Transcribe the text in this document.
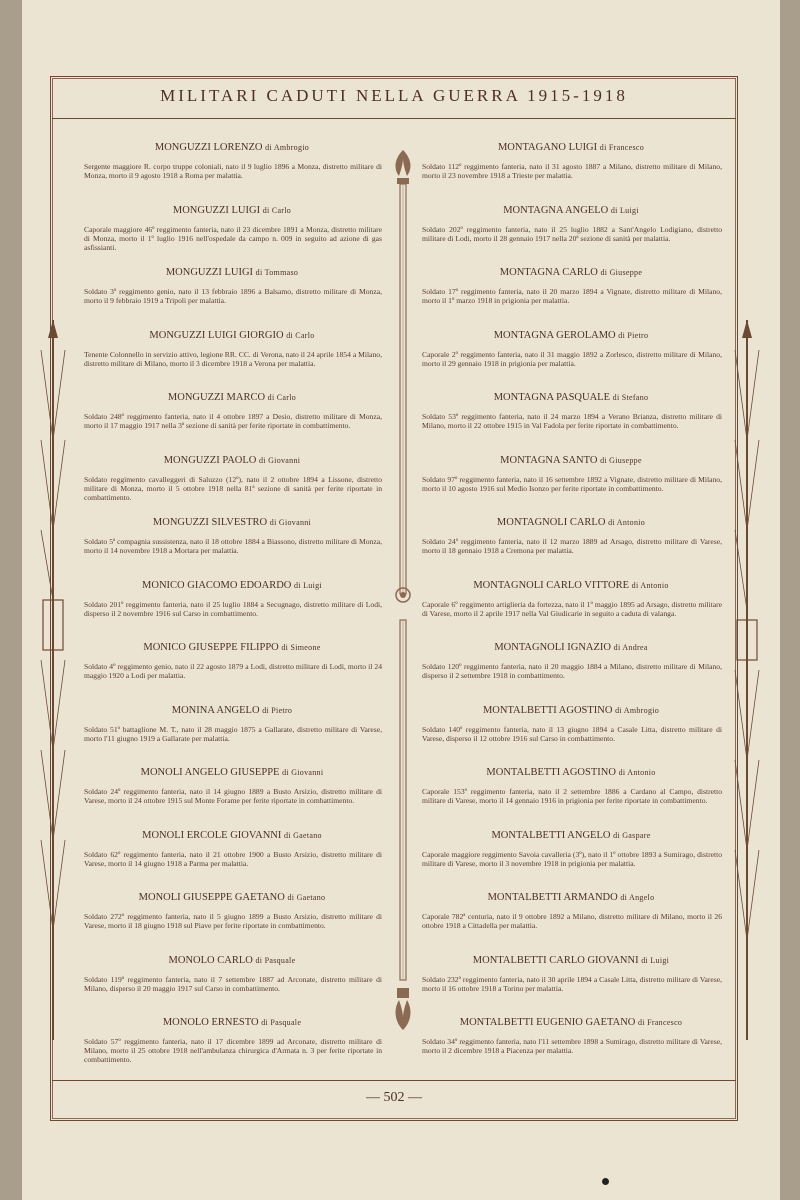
MILITARI CADUTI NELLA GUERRA 1915-1918
MONGUZZI LORENZO di Ambrogio
Sergente maggiore R. corpo truppe coloniali, nato il 9 luglio 1896 a Monza, distretto militare di Monza, morto il 9 agosto 1918 a Roma per malattia.
MONGUZZI LUIGI di Carlo
Caporale maggiore 46º reggimento fanteria, nato il 23 dicembre 1891 a Monza, distretto militare di Monza, morto il 1º luglio 1916 nell'ospedale da campo n. 009 in seguito ad azione di gas asfissianti.
MONGUZZI LUIGI di Tommaso
Soldato 3º reggimento genio, nato il 13 febbraio 1896 a Balsamo, distretto militare di Monza, morto il 9 febbraio 1919 a Tripoli per malattia.
MONGUZZI LUIGI GIORGIO di Carlo
Tenente Colonnello in servizio attivo, legione RR. CC. di Verona, nato il 24 aprile 1854 a Milano, distretto militare di Milano, morto il 3 dicembre 1918 a Verona per malattia.
MONGUZZI MARCO di Carlo
Soldato 248º reggimento fanteria, nato il 4 ottobre 1897 a Desio, distretto militare di Monza, morto il 17 maggio 1917 nella 3ª sezione di sanità per ferite riportate in combattimento.
MONGUZZI PAOLO di Giovanni
Soldato reggimento cavalleggeri di Saluzzo (12º), nato il 2 ottobre 1894 a Lissone, distretto militare di Monza, morto il 5 ottobre 1918 nella 81ª sezione di sanità per ferite riportate in combattimento.
MONGUZZI SILVESTRO di Giovanni
Soldato 5ª compagnia sussistenza, nato il 18 ottobre 1884 a Biassono, distretto militare di Monza, morto il 14 novembre 1918 a Mortara per malattia.
MONICO GIACOMO EDOARDO di Luigi
Soldato 201º reggimento fanteria, nato il 25 luglio 1884 a Secugnago, distretto militare di Lodi, disperso il 2 novembre 1916 sul Carso in combattimento.
MONICO GIUSEPPE FILIPPO di Simeone
Soldato 4º reggimento genio, nato il 22 agosto 1879 a Lodi, distretto militare di Lodi, morto il 24 maggio 1920 a Lodi per malattia.
MONINA ANGELO di Pietro
Soldato 51º battaglione M. T., nato il 28 maggio 1875 a Gallarate, distretto militare di Varese, morto l'11 giugno 1919 a Gallarate per malattia.
MONOLI ANGELO GIUSEPPE di Giovanni
Soldato 24º reggimento fanteria, nato il 14 giugno 1889 a Busto Arsizio, distretto militare di Varese, morto il 24 ottobre 1915 sul Monte Forame per ferite riportate in combattimento.
MONOLI ERCOLE GIOVANNI di Gaetano
Soldato 62º reggimento fanteria, nato il 21 ottobre 1900 a Busto Arsizio, distretto militare di Varese, morto il 14 giugno 1918 a Parma per malattia.
MONOLI GIUSEPPE GAETANO di Gaetano
Soldato 272º reggimento fanteria, nato il 5 giugno 1899 a Busto Arsizio, distretto militare di Varese, morto il 18 giugno 1918 sul Piave per ferite riportate in combattimento.
MONOLO CARLO di Pasquale
Soldato 119º reggimento fanteria, nato il 7 settembre 1887 ad Arconate, distretto militare di Milano, disperso il 20 maggio 1917 sul Carso in combattimento.
MONOLO ERNESTO di Pasquale
Soldato 57º reggimento fanteria, nato il 17 dicembre 1899 ad Arconate, distretto militare di Milano, morto il 25 ottobre 1918 nell'ambulanza chirurgica d'Armata n. 3 per ferite riportate in combattimento.
MONTAGANO LUIGI di Francesco
Soldato 112º reggimento fanteria, nato il 31 agosto 1887 a Milano, distretto militare di Milano, morto il 23 novembre 1918 a Trieste per malattia.
MONTAGNA ANGELO di Luigi
Soldato 202º reggimento fanteria, nato il 25 luglio 1882 a Sant'Angelo Lodigiano, distretto militare di Lodi, morto il 28 gennaio 1917 nella 20ª sezione di sanità per malattia.
MONTAGNA CARLO di Giuseppe
Soldato 17º reggimento fanteria, nato il 20 marzo 1894 a Vignate, distretto militare di Milano, morto il 1º marzo 1918 in prigionia per malattia.
MONTAGNA GEROLAMO di Pietro
Caporale 2º reggimento fanteria, nato il 31 maggio 1892 a Zorlesco, distretto militare di Milano, morto il 29 gennaio 1918 in prigionia per malattia.
MONTAGNA PASQUALE di Stefano
Soldato 53º reggimento fanteria, nato il 24 marzo 1894 a Verano Brianza, distretto militare di Milano, morto il 22 ottobre 1915 in Val Fadola per ferite riportate in combattimento.
MONTAGNA SANTO di Giuseppe
Soldato 97º reggimento fanteria, nato il 16 settembre 1892 a Vignate, distretto militare di Milano, morto il 10 agosto 1916 sul Medio Isonzo per ferite riportate in combattimento.
MONTAGNOLI CARLO di Antonio
Soldato 24º reggimento fanteria, nato il 12 marzo 1889 ad Arsago, distretto militare di Varese, morto il 18 gennaio 1918 a Cremona per malattia.
MONTAGNOLI CARLO VITTORE di Antonio
Caporale 6º reggimento artiglieria da fortezza, nato il 1º maggio 1895 ad Arsago, distretto militare di Varese, morto il 2 aprile 1917 nella Val Giudicarie in seguito a caduta di valanga.
MONTAGNOLI IGNAZIO di Andrea
Soldato 120º reggimento fanteria, nato il 20 maggio 1884 a Milano, distretto militare di Milano, disperso il 2 settembre 1918 in combattimento.
MONTALBETTI AGOSTINO di Ambrogio
Soldato 140º reggimento fanteria, nato il 13 giugno 1894 a Casale Litta, distretto militare di Varese, disperso il 12 ottobre 1916 sul Carso in combattimento.
MONTALBETTI AGOSTINO di Antonio
Caporale 153º reggimento fanteria, nato il 2 settembre 1886 a Cardano al Campo, distretto militare di Varese, morto il 14 gennaio 1916 in prigionia per ferite riportate in combattimento.
MONTALBETTI ANGELO di Gaspare
Caporale maggiore reggimento Savoia cavalleria (3º), nato il 1º ottobre 1893 a Sumirago, distretto militare di Varese, morto il 3 novembre 1918 in prigionia per malattia.
MONTALBETTI ARMANDO di Angelo
Caporale 782ª centuria, nato il 9 ottobre 1892 a Milano, distretto militare di Milano, morto il 26 ottobre 1918 a Cittadella per malattia.
MONTALBETTI CARLO GIOVANNI di Luigi
Soldato 232º reggimento fanteria, nato il 30 aprile 1894 a Casale Litta, distretto militare di Varese, morto il 16 ottobre 1918 a Torino per malattia.
MONTALBETTI EUGENIO GAETANO di Francesco
Soldato 34º reggimento fanteria, nato l'11 settembre 1898 a Sumirago, distretto militare di Varese, morto il 2 dicembre 1918 a Piacenza per malattia.
— 502 —
